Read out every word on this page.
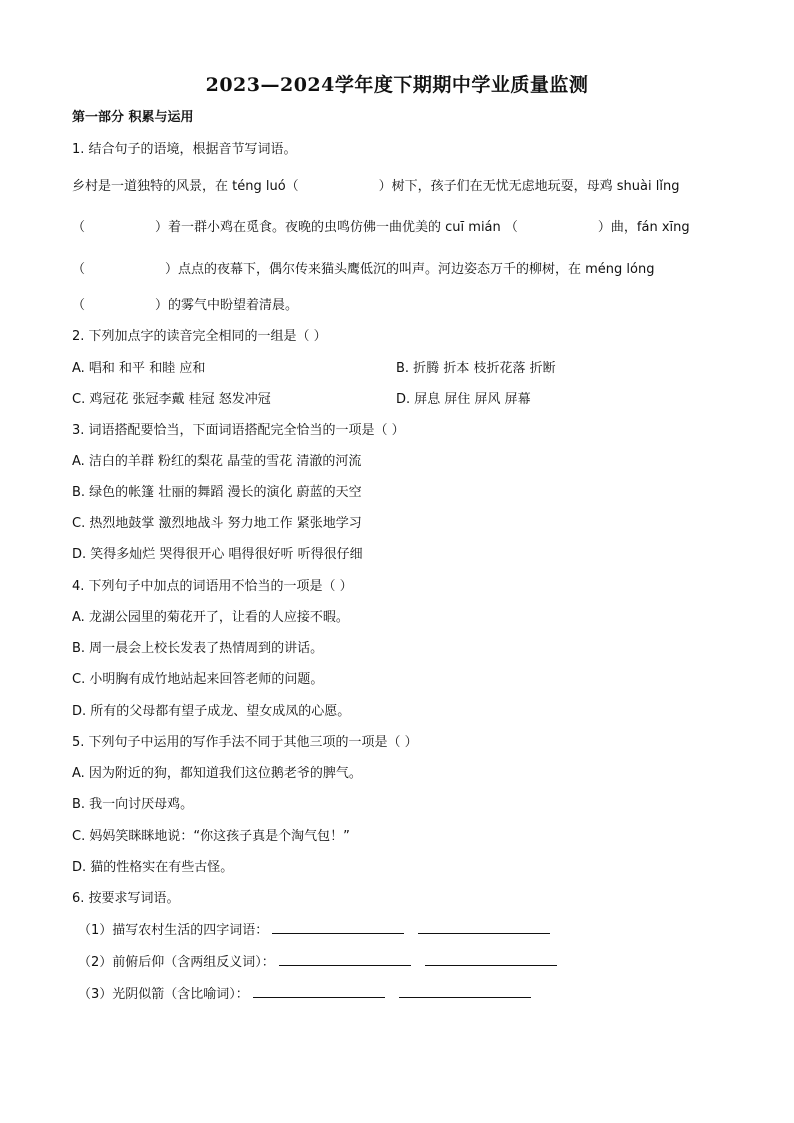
2023—2024学年度下期期中学业质量监测
第一部分 积累与运用
1. 结合句子的语境，根据音节写词语。
乡村是一道独特的风景，在 téng luó（	）树下，孩子们在无忧无虑地玩耍，母鸡 shuài lǐng
（	）着一群小鸡在觅食。夜晚的虫鸣仿佛一曲优美的 cuī mián （	）曲，fán xīng
（	）点点的夜幕下，偶尔传来猫头鹰低沉的叫声。河边姿态万千的柳树，在 méng lóng
（	）的雾气中盼望着清晨。
2. 下列加点字的读音完全相同的一组是（ ）
A. 唱和 和平 和睦 应和	B. 折腾 折本 枝折花落 折断
C. 鸡冠花 张冠李戴 桂冠 怒发冲冠	D. 屏息 屏住 屏风 屏幕
3. 词语搭配要恰当，下面词语搭配完全恰当的一项是（ ）
A. 洁白的羊群 粉红的梨花 晶莹的雪花 清澈的河流
B. 绿色的帐篷 壮丽的舞蹈 漫长的演化 蔚蓝的天空
C. 热烈地鼓掌 激烈地战斗 努力地工作 紧张地学习
D. 笑得多灿烂 哭得很开心 唱得很好听 听得很仔细
4. 下列句子中加点的词语用不恰当的一项是（ ）
A. 龙湖公园里的菊花开了，让看的人应接不暇。
B. 周一晨会上校长发表了热情周到的讲话。
C. 小明胸有成竹地站起来回答老师的问题。
D. 所有的父母都有望子成龙、望女成凤的心愿。
5. 下列句子中运用的写作手法不同于其他三项的一项是（ ）
A. 因为附近的狗，都知道我们这位鹅老爷的脾气。
B. 我一向讨厌母鸡。
C. 妈妈笑眯眯地说：“你这孩子真是个淘气包！”
D. 猫的性格实在有些古怪。
6. 按要求写词语。
（1）描写农村生活的四字词语：
（2）前俯后仰（含两组反义词）：
（3）光阴似箭（含比喻词）：
